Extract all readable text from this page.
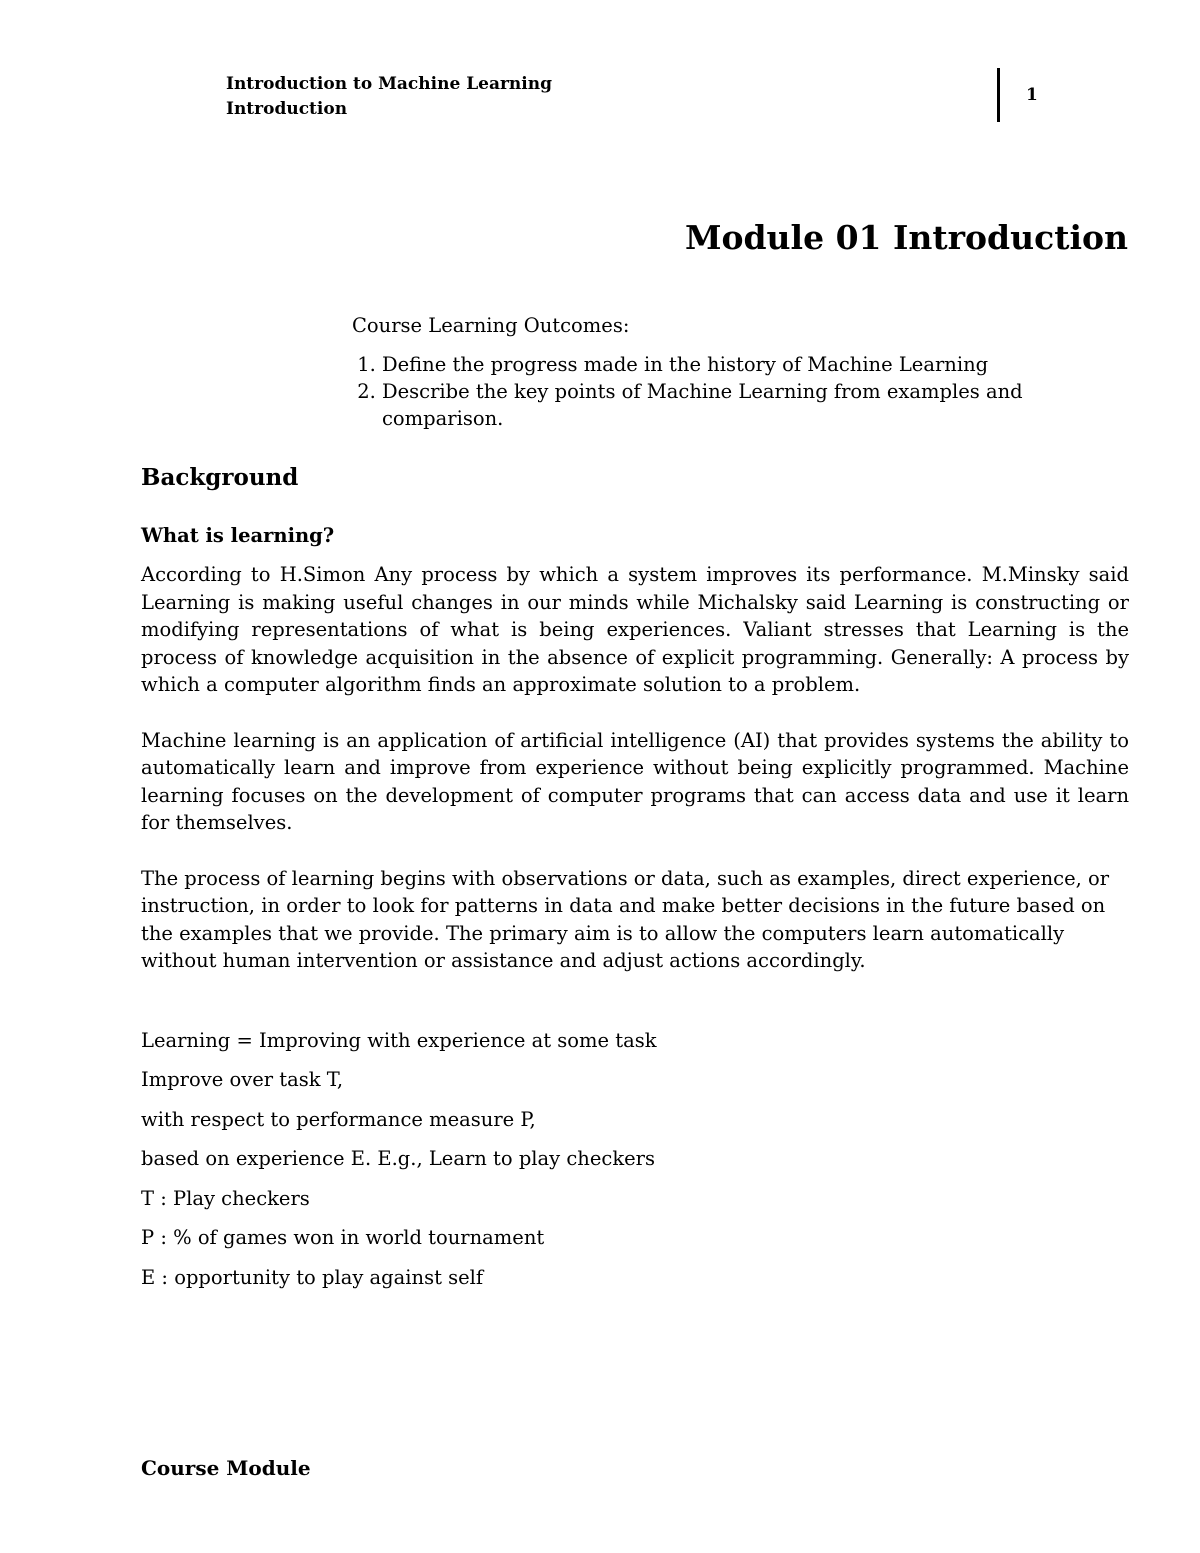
Introduction to Machine Learning
Introduction
1
Module 01 Introduction
Course Learning Outcomes:
1. Define the progress made in the history of Machine Learning
2. Describe the key points of Machine Learning from examples and comparison.
Background
What is learning?

According to H.Simon Any process by which a system improves its performance. M.Minsky said Learning is making useful changes in our minds while Michalsky said Learning is constructing or modifying representations of what is being experiences. Valiant stresses that Learning is the process of knowledge acquisition in the absence of explicit programming. Generally: A process by which a computer algorithm finds an approximate solution to a problem.

Machine learning is an application of artificial intelligence (AI) that provides systems the ability to automatically learn and improve from experience without being explicitly programmed. Machine learning focuses on the development of computer programs that can access data and use it learn for themselves.

The process of learning begins with observations or data, such as examples, direct experience, or instruction, in order to look for patterns in data and make better decisions in the future based on the examples that we provide. The primary aim is to allow the computers learn automatically without human intervention or assistance and adjust actions accordingly.

Learning = Improving with experience at some task

Improve over task T,

with respect to performance measure P,

based on experience E. E.g., Learn to play checkers

T : Play checkers

P : % of games won in world tournament

E : opportunity to play against self

Course Module
